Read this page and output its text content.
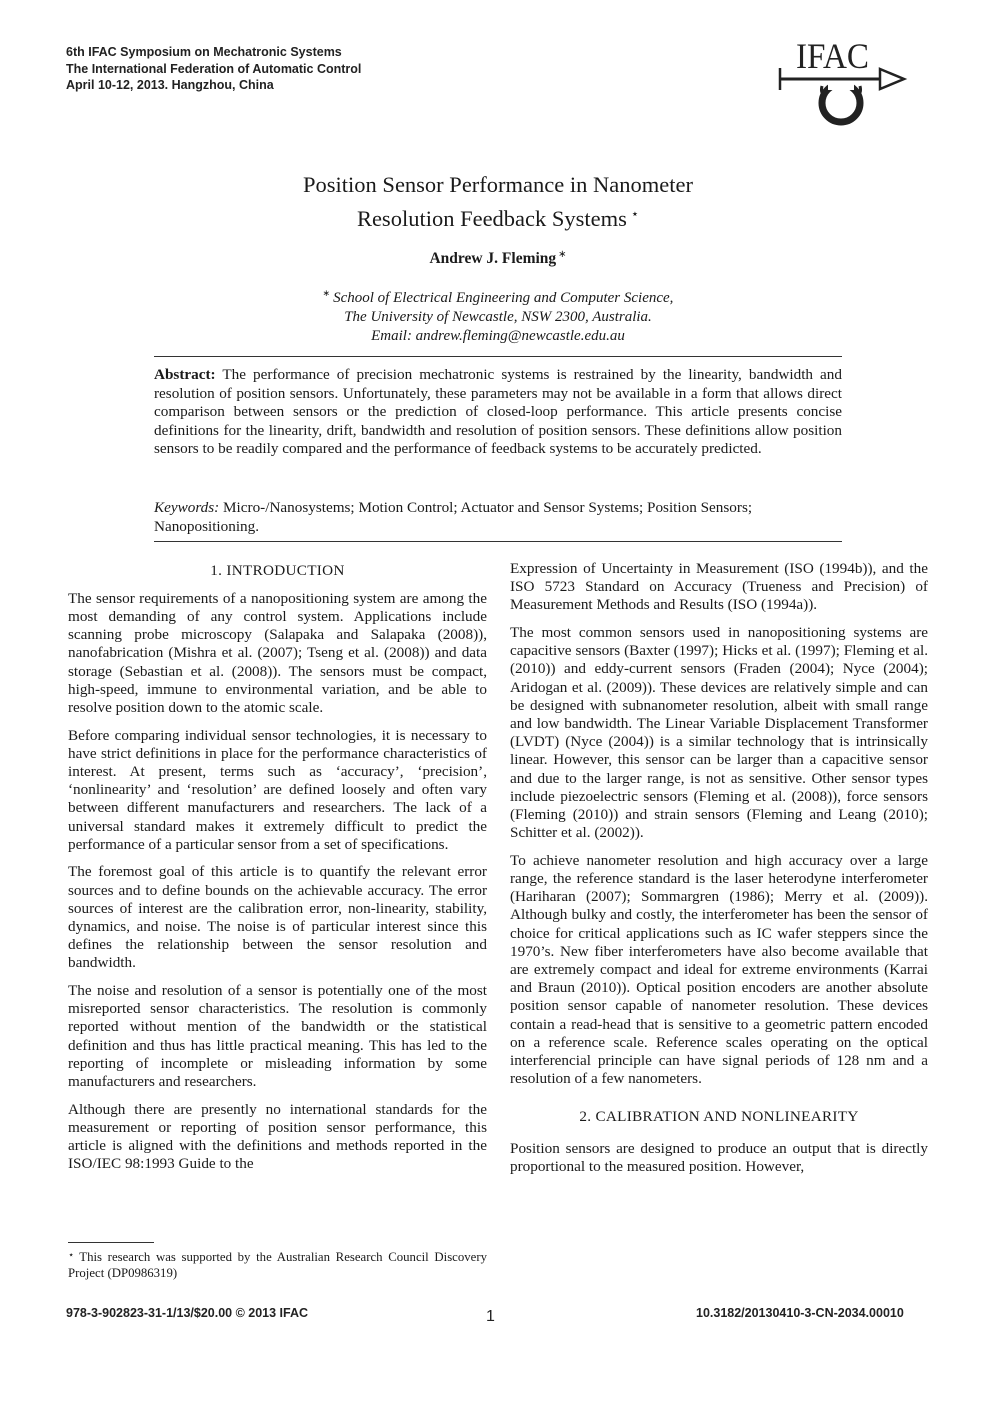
6th IFAC Symposium on Mechatronic Systems
The International Federation of Automatic Control
April 10-12, 2013. Hangzhou, China
IFAC
Position Sensor Performance in Nanometer
Resolution Feedback Systems ⋆
Andrew J. Fleming ∗
∗ School of Electrical Engineering and Computer Science,
The University of Newcastle, NSW 2300, Australia.
Email: andrew.fleming@newcastle.edu.au
Abstract: The performance of precision mechatronic systems is restrained by the linearity, bandwidth and resolution of position sensors. Unfortunately, these parameters may not be available in a form that allows direct comparison between sensors or the prediction of closed-loop performance. This article presents concise definitions for the linearity, drift, bandwidth and resolution of position sensors. These definitions allow position sensors to be readily compared and the performance of feedback systems to be accurately predicted.
Keywords: Micro-/Nanosystems; Motion Control; Actuator and Sensor Systems; Position Sensors; Nanopositioning.
1. INTRODUCTION

The sensor requirements of a nanopositioning system are among the most demanding of any control system. Applications include scanning probe microscopy (Salapaka and Salapaka (2008)), nanofabrication (Mishra et al. (2007); Tseng et al. (2008)) and data storage (Sebastian et al. (2008)). The sensors must be compact, high-speed, immune to environmental variation, and be able to resolve position down to the atomic scale.

Before comparing individual sensor technologies, it is necessary to have strict definitions in place for the performance characteristics of interest. At present, terms such as ‘accuracy’, ‘precision’, ‘nonlinearity’ and ‘resolution’ are defined loosely and often vary between different manufacturers and researchers. The lack of a universal standard makes it extremely difficult to predict the performance of a particular sensor from a set of specifications.

The foremost goal of this article is to quantify the relevant error sources and to define bounds on the achievable accuracy. The error sources of interest are the calibration error, non-linearity, stability, dynamics, and noise. The noise is of particular interest since this defines the relationship between the sensor resolution and bandwidth.

The noise and resolution of a sensor is potentially one of the most misreported sensor characteristics. The resolution is commonly reported without mention of the bandwidth or the statistical definition and thus has little practical meaning. This has led to the reporting of incomplete or misleading information by some manufacturers and researchers.

Although there are presently no international standards for the measurement or reporting of position sensor performance, this article is aligned with the definitions and methods reported in the ISO/IEC 98:1993 Guide to the

Expression of Uncertainty in Measurement (ISO (1994b)), and the ISO 5723 Standard on Accuracy (Trueness and Precision) of Measurement Methods and Results (ISO (1994a)).

The most common sensors used in nanopositioning systems are capacitive sensors (Baxter (1997); Hicks et al. (1997); Fleming et al. (2010)) and eddy-current sensors (Fraden (2004); Nyce (2004); Aridogan et al. (2009)). These devices are relatively simple and can be designed with subnanometer resolution, albeit with small range and low bandwidth. The Linear Variable Displacement Transformer (LVDT) (Nyce (2004)) is a similar technology that is intrinsically linear. However, this sensor can be larger than a capacitive sensor and due to the larger range, is not as sensitive. Other sensor types include piezoelectric sensors (Fleming et al. (2008)), force sensors (Fleming (2010)) and strain sensors (Fleming and Leang (2010); Schitter et al. (2002)).

To achieve nanometer resolution and high accuracy over a large range, the reference standard is the laser heterodyne interferometer (Hariharan (2007); Sommargren (1986); Merry et al. (2009)). Although bulky and costly, the interferometer has been the sensor of choice for critical applications such as IC wafer steppers since the 1970’s. New fiber interferometers have also become available that are extremely compact and ideal for extreme environments (Karrai and Braun (2010)). Optical position encoders are another absolute position sensor capable of nanometer resolution. These devices contain a read-head that is sensitive to a geometric pattern encoded on a reference scale. Reference scales operating on the optical interferencial principle can have signal periods of 128 nm and a resolution of a few nanometers.

2. CALIBRATION AND NONLINEARITY

Position sensors are designed to produce an output that is directly proportional to the measured position. However,

⋆ This research was supported by the Australian Research Council Discovery Project (DP0986319)
978-3-902823-31-1/13/$20.00 © 2013 IFAC	1	10.3182/20130410-3-CN-2034.00010
